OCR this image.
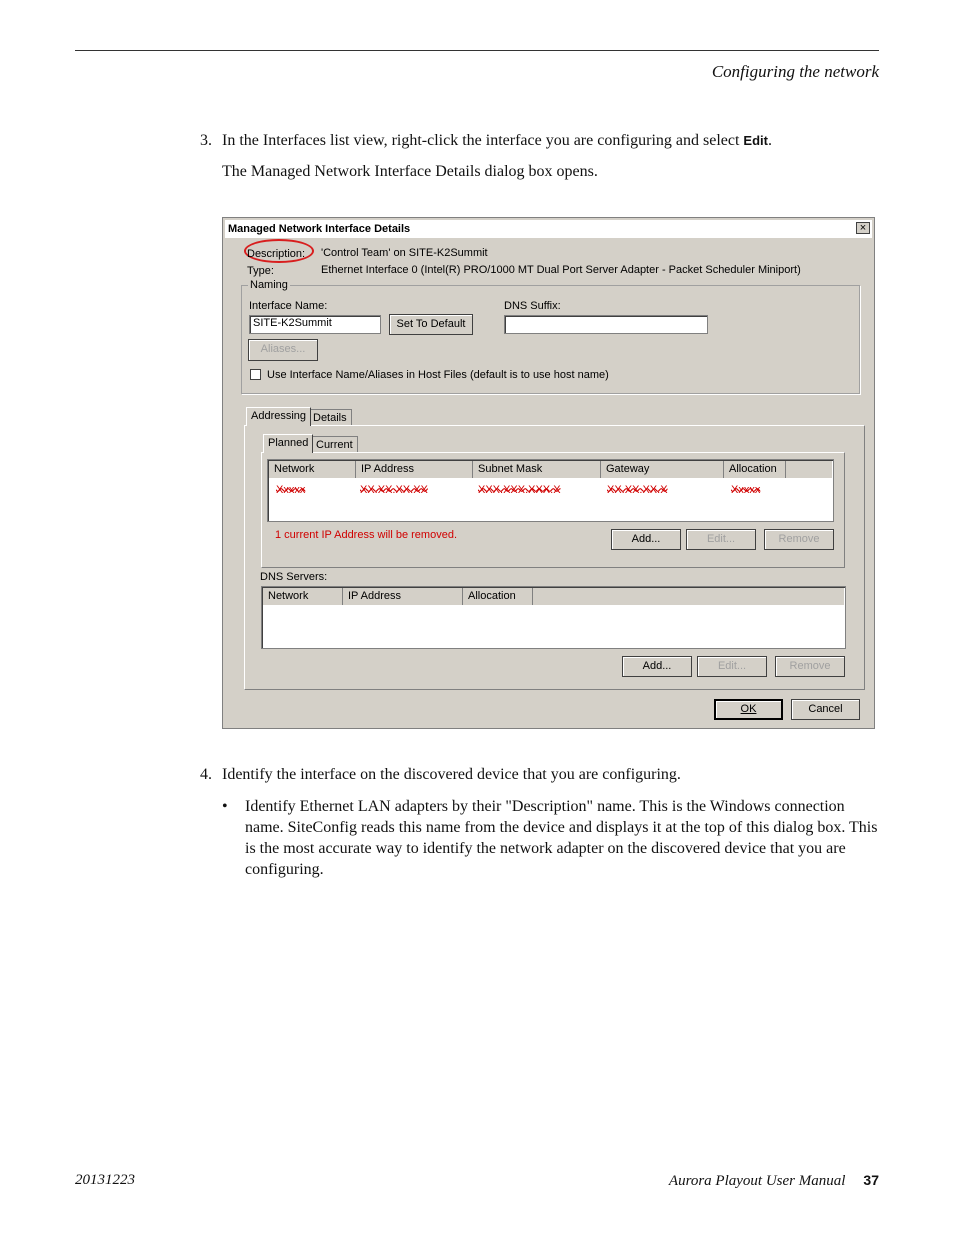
Configuring the network
3. In the Interfaces list view, right-click the interface you are configuring and select Edit.
The Managed Network Interface Details dialog box opens.
Managed Network Interface Details	×
Description: 'Control Team' on SITE-K2Summit
Type:	Ethernet Interface 0 (Intel(R) PRO/1000 MT Dual Port Server Adapter - Packet Scheduler Miniport)
Naming
Interface Name:
SITE-K2Summit	Set To Default
DNS Suffix:
Aliases...
Use Interface Name/Aliases in Host Files (default is to use host name)
Addressing Details
Planned Current
Network	IP Address	Subnet Mask	Gateway	Allocation
Xxxxx	XX.XX.XX.XX	XXX.XXX.XXX.X	XX.XX.XX.X	Xxxxx
1 current IP Address will be removed.	Add...	Edit...	Remove
DNS Servers:
Network	IP Address	Allocation
Add...	Edit...	Remove
OK	Cancel
4. Identify the interface on the discovered device that you are configuring.
• Identify Ethernet LAN adapters by their "Description" name. This is the Windows connection name. SiteConfig reads this name from the device and displays it at the top of this dialog box. This is the most accurate way to identify the network adapter on the discovered device that you are configuring.
20131223	Aurora Playout User Manual 37
